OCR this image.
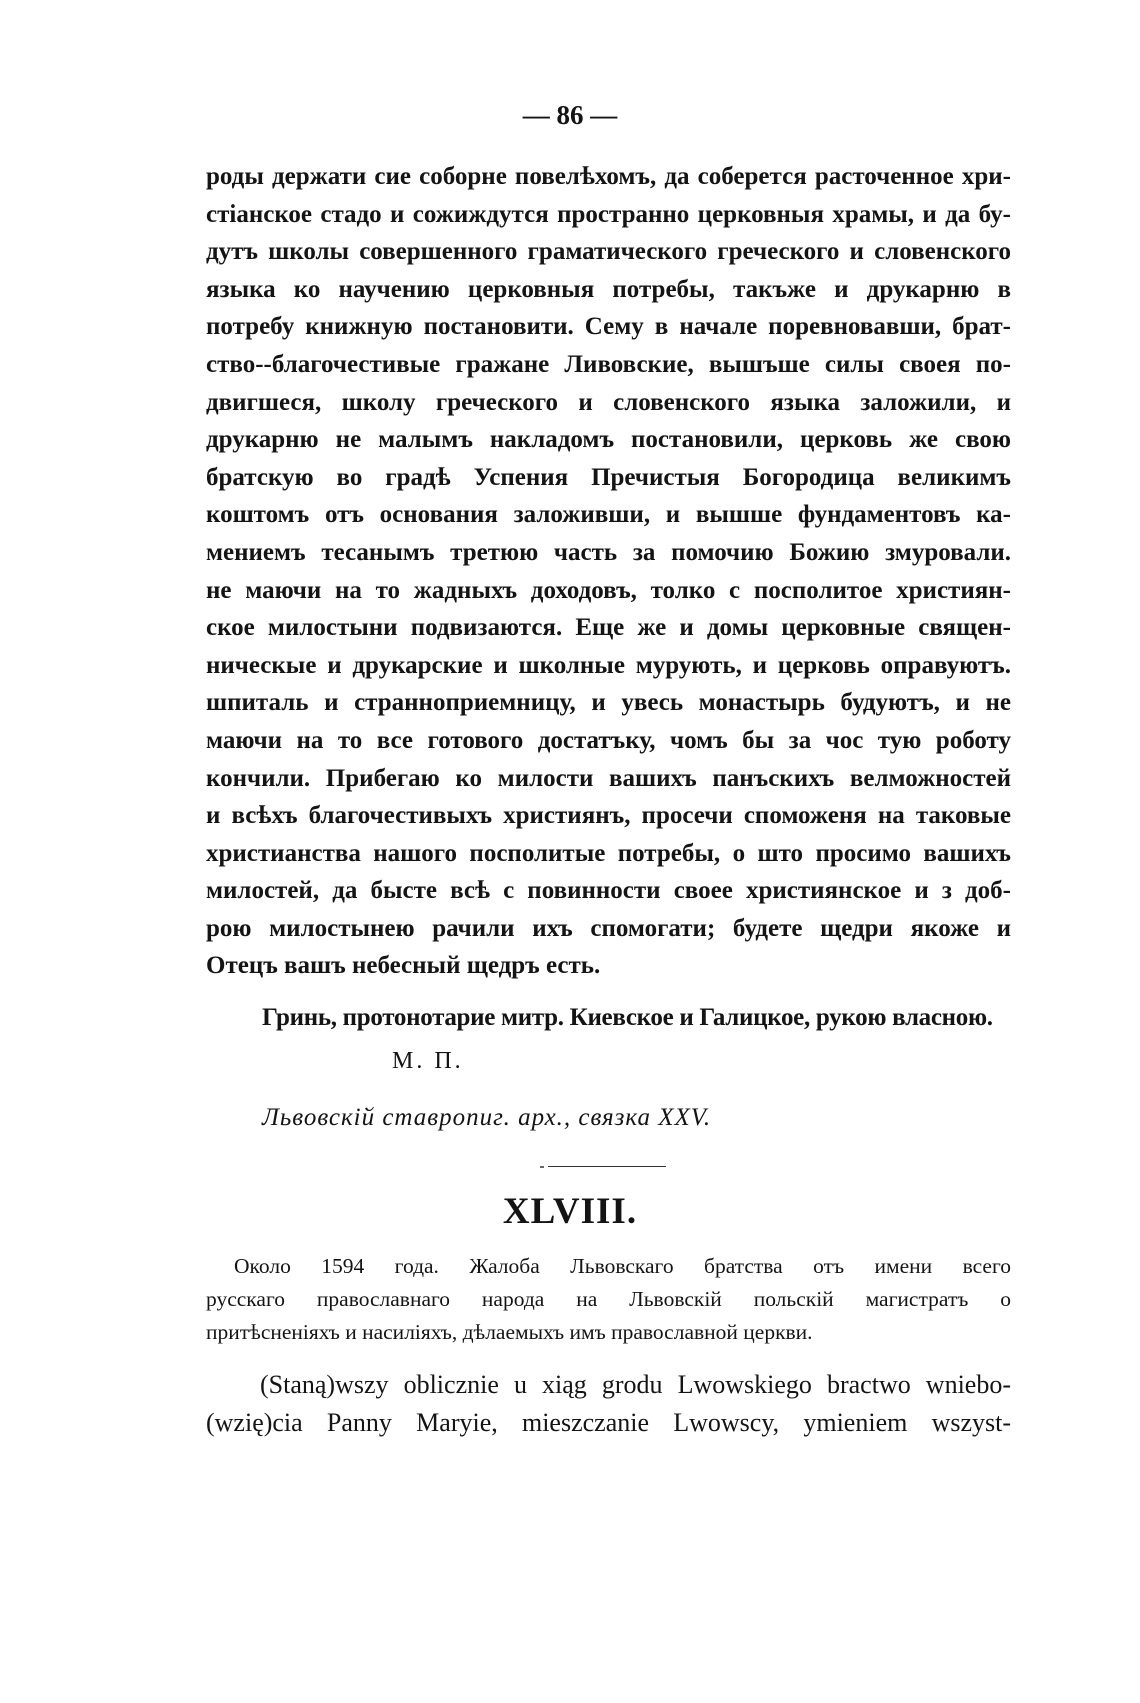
— 86 —
роды держати сие соборне повелѣхомъ, да соберется расточенное хри-
стіанское стадо и сожиждутся пространно церковныя храмы, и да бу-
дутъ школы совершенного граматического греческого и словенского
языка ко научению церковныя потребы, такъже и друкарню в
потребу книжную постановити. Сему в начале поревновавши, брат-
ство--благочестивые гражане Ливовские, вышъше силы своея по-
двигшеся, школу греческого и словенского языка заложили, и
друкарню не малымъ накладомъ постановили, церковь же свою
братскую во градѣ Успения Пречистыя Богородица великимъ
коштомъ отъ основания заложивши, и вышше фундаментовъ ка-
мениемъ тесанымъ третюю часть за помочию Божию змуровали.
не маючи на то жадныхъ доходовъ, толко с посполитое християн-
ское милостыни подвизаются. Еще же и домы церковные священ-
ническые и друкарские и школные мурують, и церковь оправуютъ.
шпиталь и странноприемницу, и увесь монастырь будуютъ, и не
маючи на то все готового достатъку, чомъ бы за чос тую роботу
кончили. Прибегаю ко милости вашихъ панъскихъ велможностей
и всѣхъ благочестивыхъ християнъ, просечи споможеня на таковые
христианства нашого посполитые потребы, о што просимо вашихъ
милостей, да бысте всѣ с повинности своее християнское и з доб-
рою милостынею рачили ихъ спомогати; будете щедри якоже и
Отецъ вашъ небесный щедръ есть.
Гринь, протонотарие митр. Киевское и Галицкое, рукою власною.
М. П.
Львовскій ставропиг. арх., связка XXV.
XLVIII.
Около 1594 года. Жалоба Львовскаго братства отъ имени всего
русскаго православнаго народа на Львовскій польскій магистратъ о
притѣсненіяхъ и насиліяхъ, дѣлаемыхъ имъ православной церкви.
(Staną)wszy oblicznie u xiąg grodu Lwowskiego bractwo wniebo-
(wzię)cia Panny Maryie, mieszczanie Lwowscy, ymieniem wszyst-
